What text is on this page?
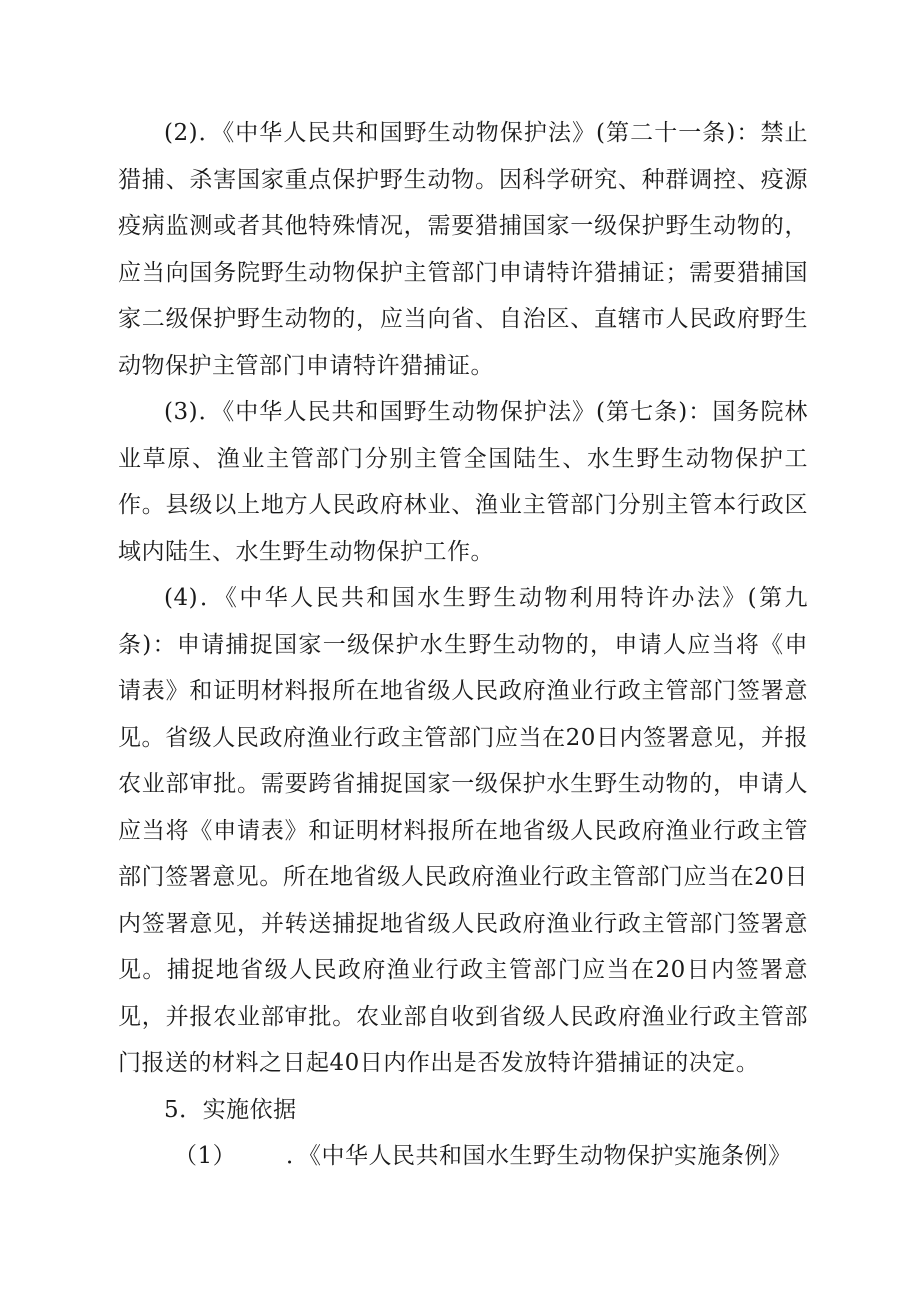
(2)．《中华人民共和国野生动物保护法》(第二十一条)：禁止猎捕、杀害国家重点保护野生动物。因科学研究、种群调控、疫源疫病监测或者其他特殊情况，需要猎捕国家一级保护野生动物的，应当向国务院野生动物保护主管部门申请特许猎捕证；需要猎捕国家二级保护野生动物的，应当向省、自治区、直辖市人民政府野生动物保护主管部门申请特许猎捕证。

(3)．《中华人民共和国野生动物保护法》(第七条)：国务院林业草原、渔业主管部门分别主管全国陆生、水生野生动物保护工作。县级以上地方人民政府林业、渔业主管部门分别主管本行政区域内陆生、水生野生动物保护工作。

(4)．《中华人民共和国水生野生动物利用特许办法》(第九条)：申请捕捉国家一级保护水生野生动物的，申请人应当将《申请表》和证明材料报所在地省级人民政府渔业行政主管部门签署意见。省级人民政府渔业行政主管部门应当在20日内签署意见，并报农业部审批。需要跨省捕捉国家一级保护水生野生动物的，申请人应当将《申请表》和证明材料报所在地省级人民政府渔业行政主管部门签署意见。所在地省级人民政府渔业行政主管部门应当在20日内签署意见，并转送捕捉地省级人民政府渔业行政主管部门签署意见。捕捉地省级人民政府渔业行政主管部门应当在20日内签署意见，并报农业部审批。农业部自收到省级人民政府渔业行政主管部门报送的材料之日起40日内作出是否发放特许猎捕证的决定。

5．实施依据

（1） ．《中华人民共和国水生野生动物保护实施条例》
